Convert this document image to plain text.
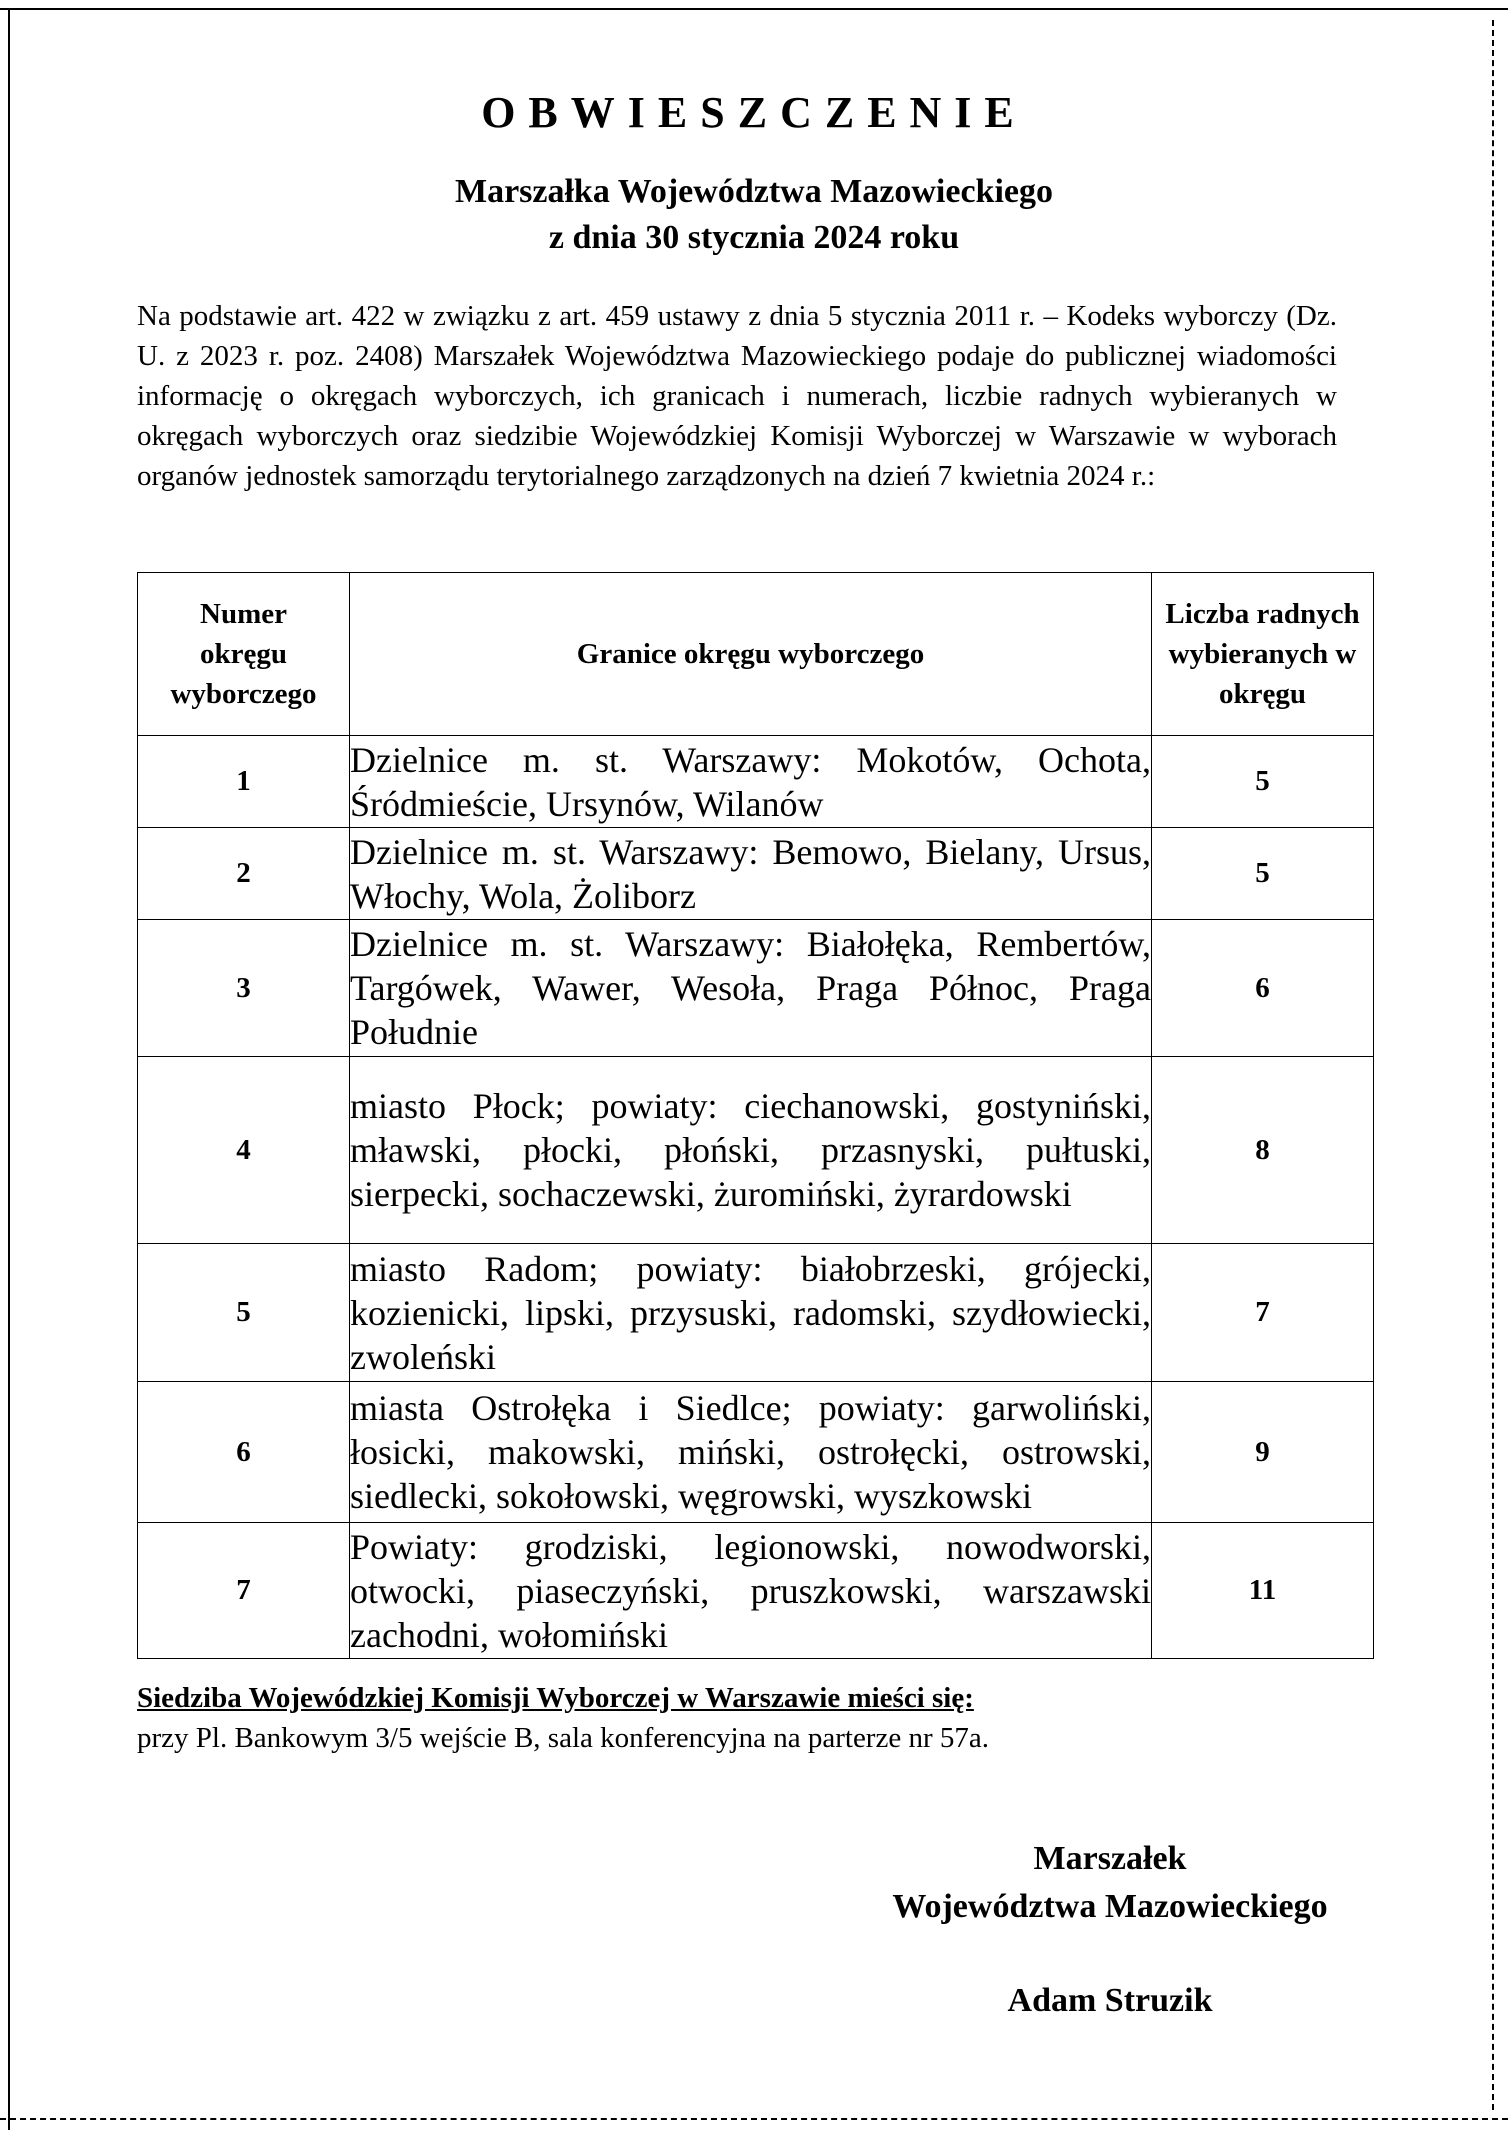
OBWIESZCZENIE
Marszałka Województwa Mazowieckiego
z dnia 30 stycznia 2024 roku
Na podstawie art. 422 w związku z art. 459 ustawy z dnia 5 stycznia 2011 r. – Kodeks wyborczy (Dz. U. z 2023 r. poz. 2408) Marszałek Województwa Mazowieckiego podaje do publicznej wiadomości informację o okręgach wyborczych, ich granicach i numerach, liczbie radnych wybieranych w okręgach wyborczych oraz siedzibie Wojewódzkiej Komisji Wyborczej w Warszawie w wyborach organów jednostek samorządu terytorialnego zarządzonych na dzień 7 kwietnia 2024 r.:
Numer okręgu wyborczego	Granice okręgu wyborczego	Liczba radnych wybieranych w okręgu
1	Dzielnice m. st. Warszawy: Mokotów, Ochota, Śródmieście, Ursynów, Wilanów	5
2	Dzielnice m. st. Warszawy: Bemowo, Bielany, Ursus, Włochy, Wola, Żoliborz	5
3	Dzielnice m. st. Warszawy: Białołęka, Rembertów, Targówek, Wawer, Wesoła, Praga Północ, Praga Południe	6
4	miasto Płock; powiaty: ciechanowski, gostyniński, mławski, płocki, płoński, przasnyski, pułtuski, sierpecki, sochaczewski, żuromiński, żyrardowski	8
5	miasto Radom; powiaty: białobrzeski, grójecki, kozienicki, lipski, przysuski, radomski, szydłowiecki, zwoleński	7
6	miasta Ostrołęka i Siedlce; powiaty: garwoliński, łosicki, makowski, miński, ostrołęcki, ostrowski, siedlecki, sokołowski, węgrowski, wyszkowski	9
7	Powiaty: grodziski, legionowski, nowodworski, otwocki, piaseczyński, pruszkowski, warszawski zachodni, wołomiński	11
Siedziba Wojewódzkiej Komisji Wyborczej w Warszawie mieści się:
przy Pl. Bankowym 3/5 wejście B, sala konferencyjna na parterze nr 57a.
Marszałek
Województwa Mazowieckiego
Adam Struzik
